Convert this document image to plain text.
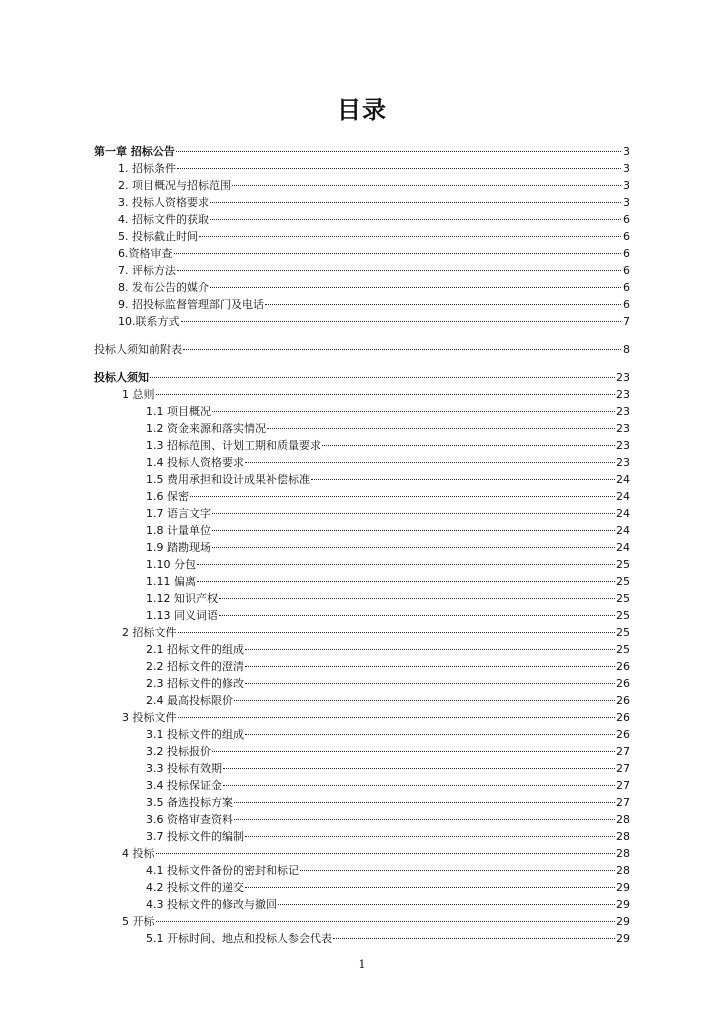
目录
第一章 招标公告	3
1. 招标条件	3
2. 项目概况与招标范围	3
3. 投标人资格要求	3
4. 招标文件的获取	6
5. 投标截止时间	6
6.资格审查	6
7. 评标方法	6
8. 发布公告的媒介	6
9. 招投标监督管理部门及电话	6
10.联系方式	7
投标人须知前附表	8
投标人须知	23
1 总则	23
1.1 项目概况	23
1.2 资金来源和落实情况	23
1.3 招标范围、计划工期和质量要求	23
1.4 投标人资格要求	23
1.5 费用承担和设计成果补偿标准	24
1.6 保密	24
1.7 语言文字	24
1.8 计量单位	24
1.9 踏勘现场	24
1.10 分包	25
1.11 偏离	25
1.12 知识产权	25
1.13 同义词语	25
2 招标文件	25
2.1 招标文件的组成	25
2.2 招标文件的澄清	26
2.3 招标文件的修改	26
2.4 最高投标限价	26
3 投标文件	26
3.1 投标文件的组成	26
3.2 投标报价	27
3.3 投标有效期	27
3.4 投标保证金	27
3.5 备选投标方案	27
3.6 资格审查资料	28
3.7 投标文件的编制	28
4 投标	28
4.1 投标文件备份的密封和标记	28
4.2 投标文件的递交	29
4.3 投标文件的修改与撤回	29
5 开标	29
5.1 开标时间、地点和投标人参会代表	29
1
